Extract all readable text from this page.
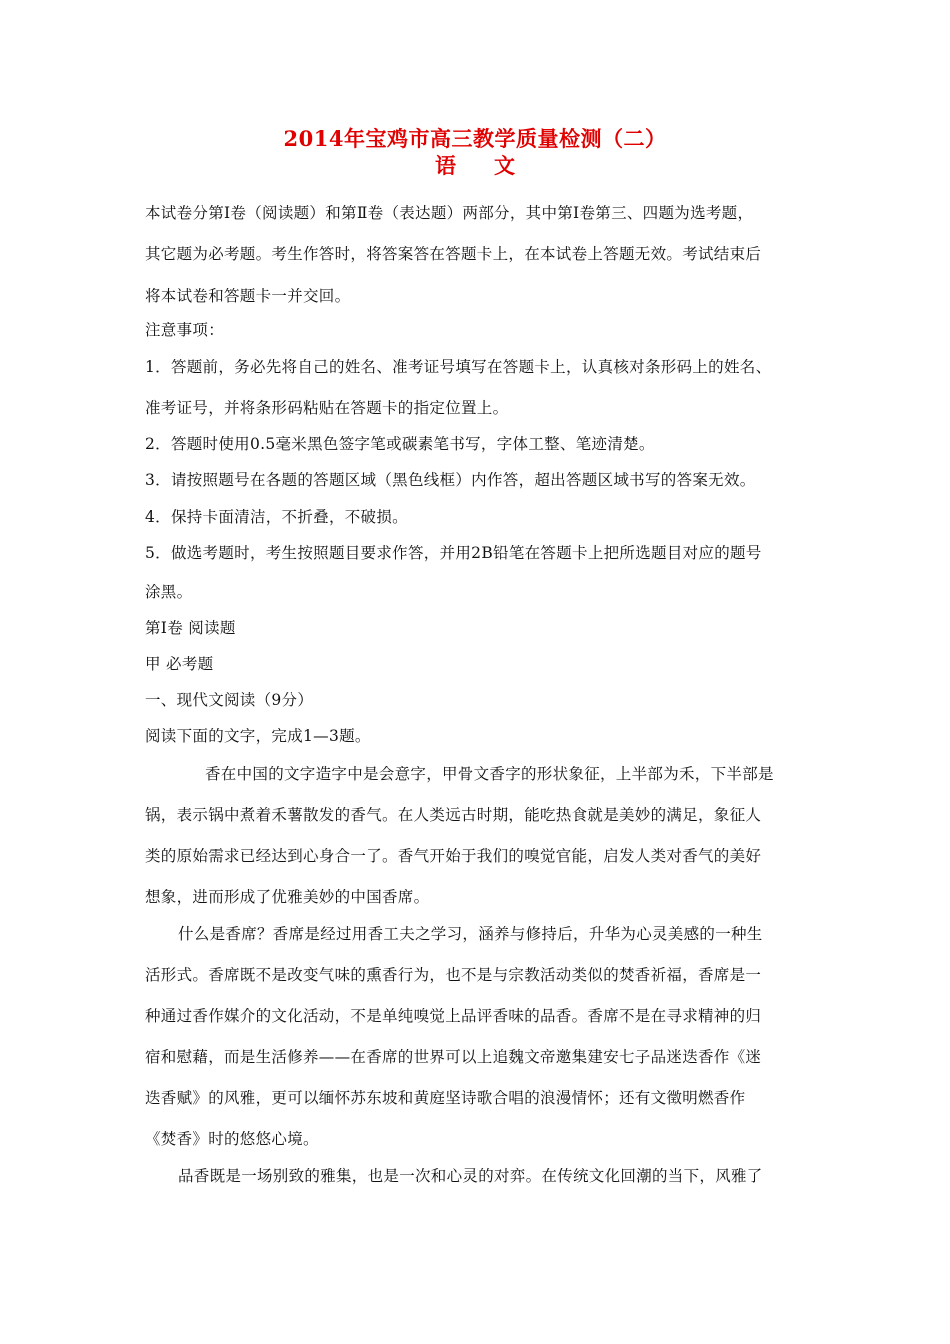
2014年宝鸡市高三教学质量检测（二）
语文
本试卷分第Ⅰ卷（阅读题）和第Ⅱ卷（表达题）两部分，其中第Ⅰ卷第三、四题为选考题，
其它题为必考题。考生作答时，将答案答在答题卡上，在本试卷上答题无效。考试结束后
将本试卷和答题卡一并交回。
注意事项：
1．答题前，务必先将自己的姓名、准考证号填写在答题卡上，认真核对条形码上的姓名、
准考证号，并将条形码粘贴在答题卡的指定位置上。
2．答题时使用0.5毫米黑色签字笔或碳素笔书写，字体工整、笔迹清楚。
3．请按照题号在各题的答题区域（黑色线框）内作答，超出答题区域书写的答案无效。
4．保持卡面清洁，不折叠，不破损。
5．做选考题时，考生按照题目要求作答，并用2B铅笔在答题卡上把所选题目对应的题号
涂黑。
第Ⅰ卷 阅读题
甲 必考题
一、现代文阅读（9分）
阅读下面的文字，完成1—3题。
香在中国的文字造字中是会意字，甲骨文香字的形状象征，上半部为禾，下半部是
锅，表示锅中煮着禾薯散发的香气。在人类远古时期，能吃热食就是美妙的满足，象征人
类的原始需求已经达到心身合一了。香气开始于我们的嗅觉官能，启发人类对香气的美好
想象，进而形成了优雅美妙的中国香席。
什么是香席？香席是经过用香工夫之学习，涵养与修持后，升华为心灵美感的一种生
活形式。香席既不是改变气味的熏香行为，也不是与宗教活动类似的焚香祈福，香席是一
种通过香作媒介的文化活动，不是单纯嗅觉上品评香味的品香。香席不是在寻求精神的归
宿和慰藉，而是生活修养——在香席的世界可以上追魏文帝邀集建安七子品迷迭香作《迷
迭香赋》的风雅，更可以缅怀苏东坡和黄庭坚诗歌合唱的浪漫情怀；还有文徵明燃香作
《焚香》时的悠悠心境。
品香既是一场别致的雅集，也是一次和心灵的对弈。在传统文化回潮的当下，风雅了
